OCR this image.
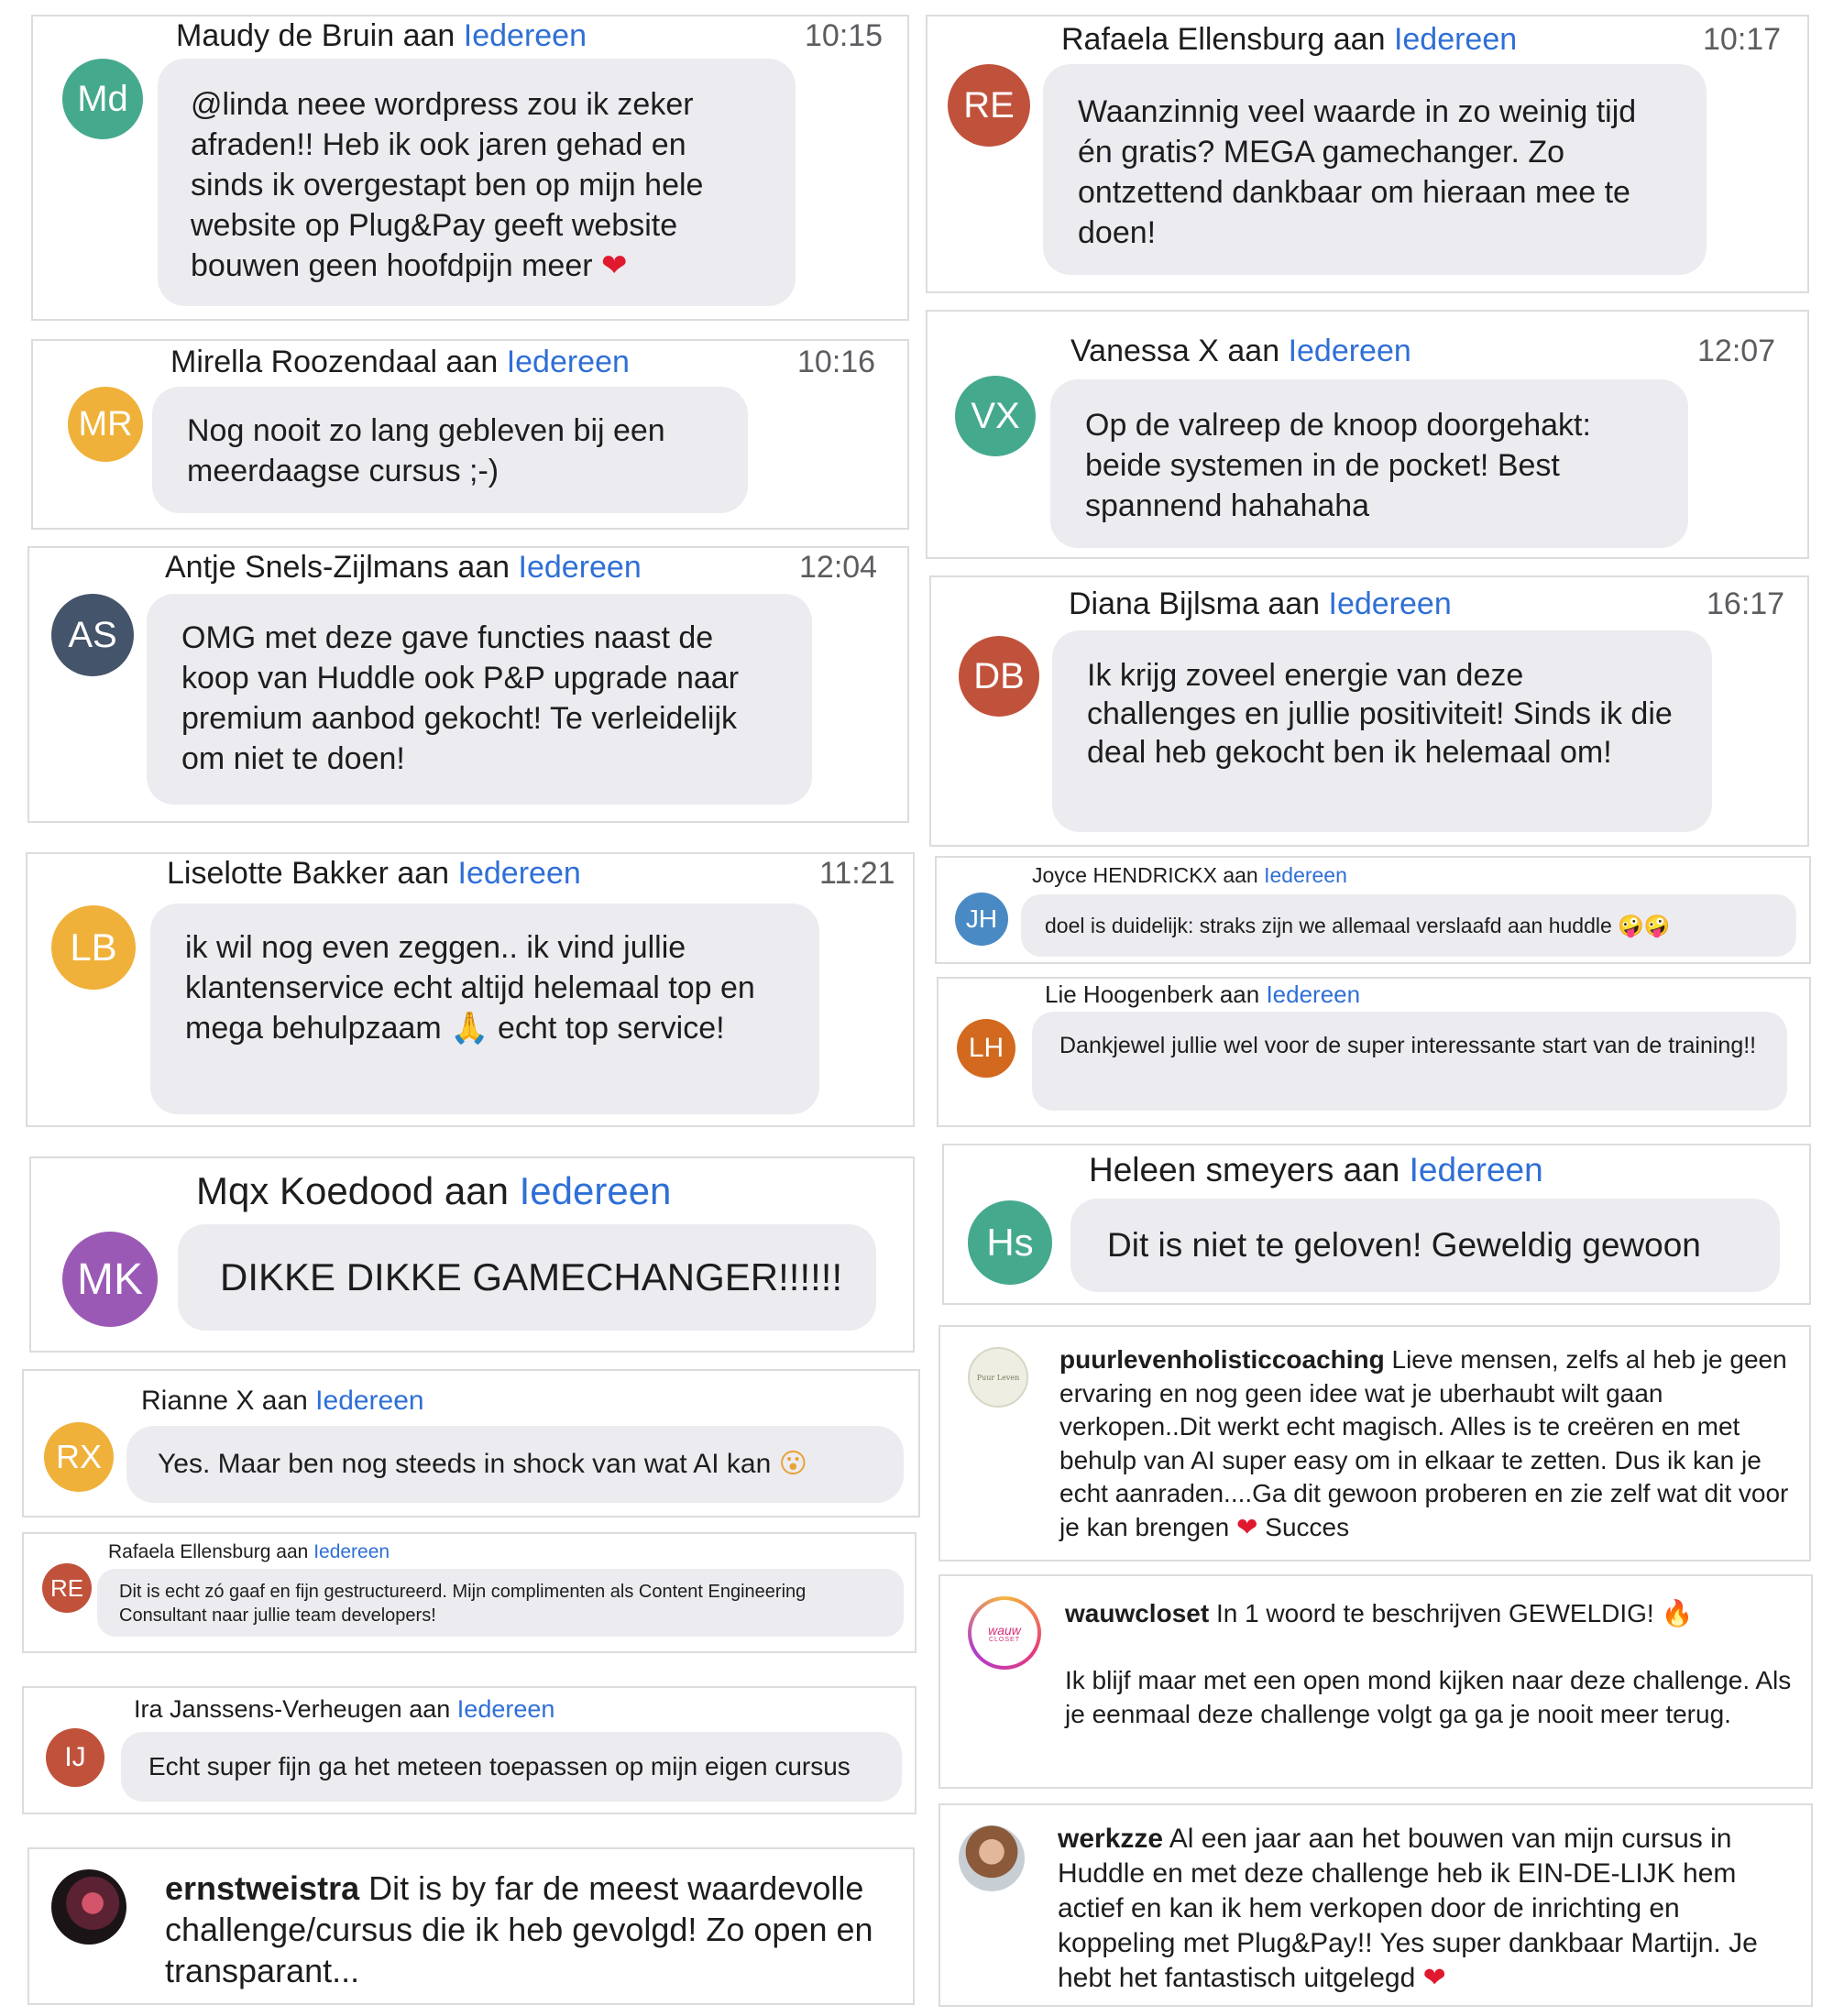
Md
Maudy de Bruin aan Iedereen	10:15
@linda neee wordpress zou ik zeker afraden!! Heb ik ook jaren gehad en sinds ik overgestapt ben op mijn hele website op Plug&Pay geeft website bouwen geen hoofdpijn meer ❤
MR
Mirella Roozendaal aan Iedereen	10:16
Nog nooit zo lang gebleven bij een meerdaagse cursus ;-)
AS
Antje Snels-Zijlmans aan Iedereen	12:04
OMG met deze gave functies naast de koop van Huddle ook P&P upgrade naar premium aanbod gekocht! Te verleidelijk om niet te doen!
LB
Liselotte Bakker aan Iedereen	11:21
ik wil nog even zeggen.. ik vind jullie klantenservice echt altijd helemaal top en mega behulpzaam 🙏 echt top service!
MK
Mqx Koedood aan Iedereen
DIKKE DIKKE GAMECHANGER!!!!!!
RX
Rianne X aan Iedereen
Yes. Maar ben nog steeds in shock van wat AI kan 😮
RE
Rafaela Ellensburg aan Iedereen
Dit is echt zó gaaf en fijn gestructureerd. Mijn complimenten als Content Engineering Consultant naar jullie team developers!
IJ
Ira Janssens-Verheugen aan Iedereen
Echt super fijn ga het meteen toepassen op mijn eigen cursus
ernstweistra Dit is by far de meest waardevolle challenge/cursus die ik heb gevolgd! Zo open en transparant...
RE
Rafaela Ellensburg aan Iedereen	10:17
Waanzinnig veel waarde in zo weinig tijd én gratis? MEGA gamechanger. Zo ontzettend dankbaar om hieraan mee te doen!
VX
Vanessa X aan Iedereen	12:07
Op de valreep de knoop doorgehakt: beide systemen in de pocket! Best spannend hahahaha
DB
Diana Bijlsma aan Iedereen	16:17
Ik krijg zoveel energie van deze challenges en jullie positiviteit! Sinds ik die deal heb gekocht ben ik helemaal om!
JH
Joyce HENDRICKX aan Iedereen
doel is duidelijk: straks zijn we allemaal verslaafd aan huddle 🤪🤪
LH
Lie Hoogenberk aan Iedereen
Dankjewel jullie wel voor de super interessante start van de training!!
Hs
Heleen smeyers aan Iedereen
Dit is niet te geloven! Geweldig gewoon
Puur Leven
puurlevenholisticcoaching Lieve mensen, zelfs al heb je geen ervaring en nog geen idee wat je uberhaubt wilt gaan verkopen..Dit werkt echt magisch. Alles is te creëren en met behulp van AI super easy om in elkaar te zetten. Dus ik kan je echt aanraden....Ga dit gewoon proberen en zie zelf wat dit voor je kan brengen ❤ Succes
wauw
CLOSET
wauwcloset In 1 woord te beschrijven GEWELDIG! 🔥
Ik blijf maar met een open mond kijken naar deze challenge. Als je eenmaal deze challenge volgt ga ga je nooit meer terug.
werkzze Al een jaar aan het bouwen van mijn cursus in Huddle en met deze challenge heb ik EIN-DE-LIJK hem actief en kan ik hem verkopen door de inrichting en koppeling met Plug&Pay!! Yes super dankbaar Martijn. Je hebt het fantastisch uitgelegd ❤
